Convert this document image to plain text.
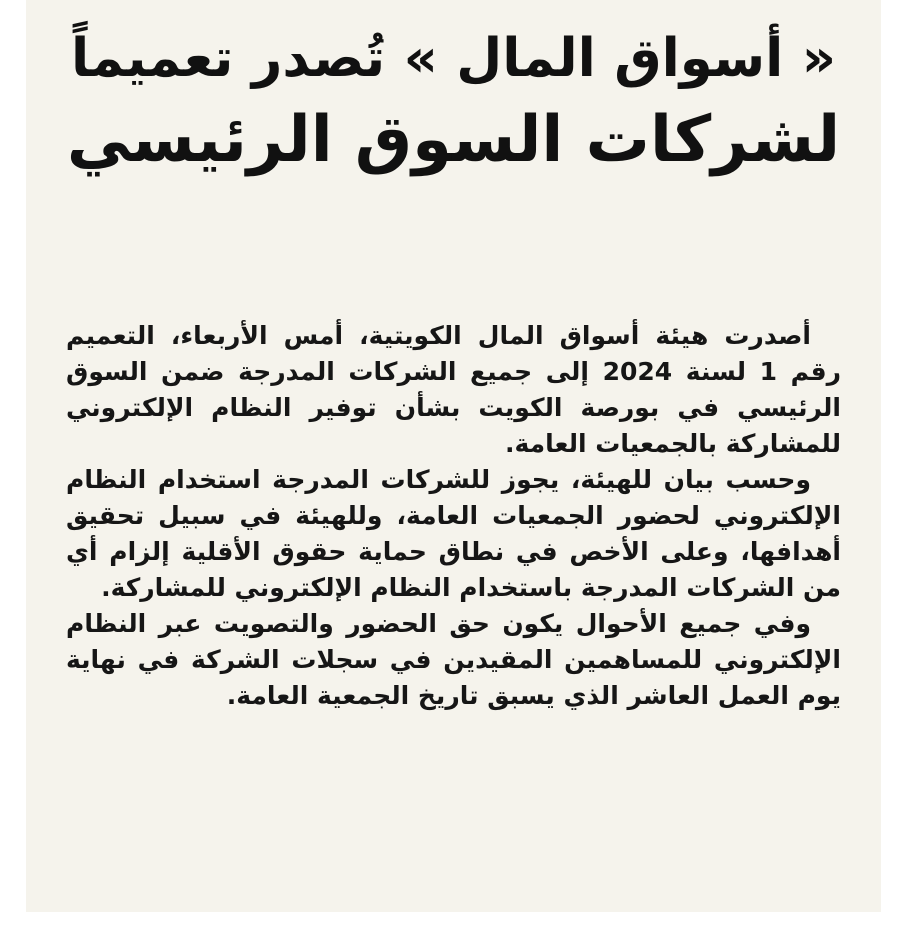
« أسواق المال » تُصدر تعميماً
لشركات السوق الرئيسي

أصدرت هيئة أسواق المال الكويتية، أمس الأربعاء، التعميم رقم 1 لسنة 2024 إلى جميع الشركات المدرجة ضمن السوق الرئيسي في بورصة الكويت بشأن توفير النظام الإلكتروني للمشاركة بالجمعيات العامة.

وحسب بيان للهيئة، يجوز للشركات المدرجة استخدام النظام الإلكتروني لحضور الجمعيات العامة، وللهيئة في سبيل تحقيق أهدافها، وعلى الأخص في نطاق حماية حقوق الأقلية إلزام أي من الشركات المدرجة باستخدام النظام الإلكتروني للمشاركة.

وفي جميع الأحوال يكون حق الحضور والتصويت عبر النظام الإلكتروني للمساهمين المقيدين في سجلات الشركة في نهاية يوم العمل العاشر الذي يسبق تاريخ الجمعية العامة.
